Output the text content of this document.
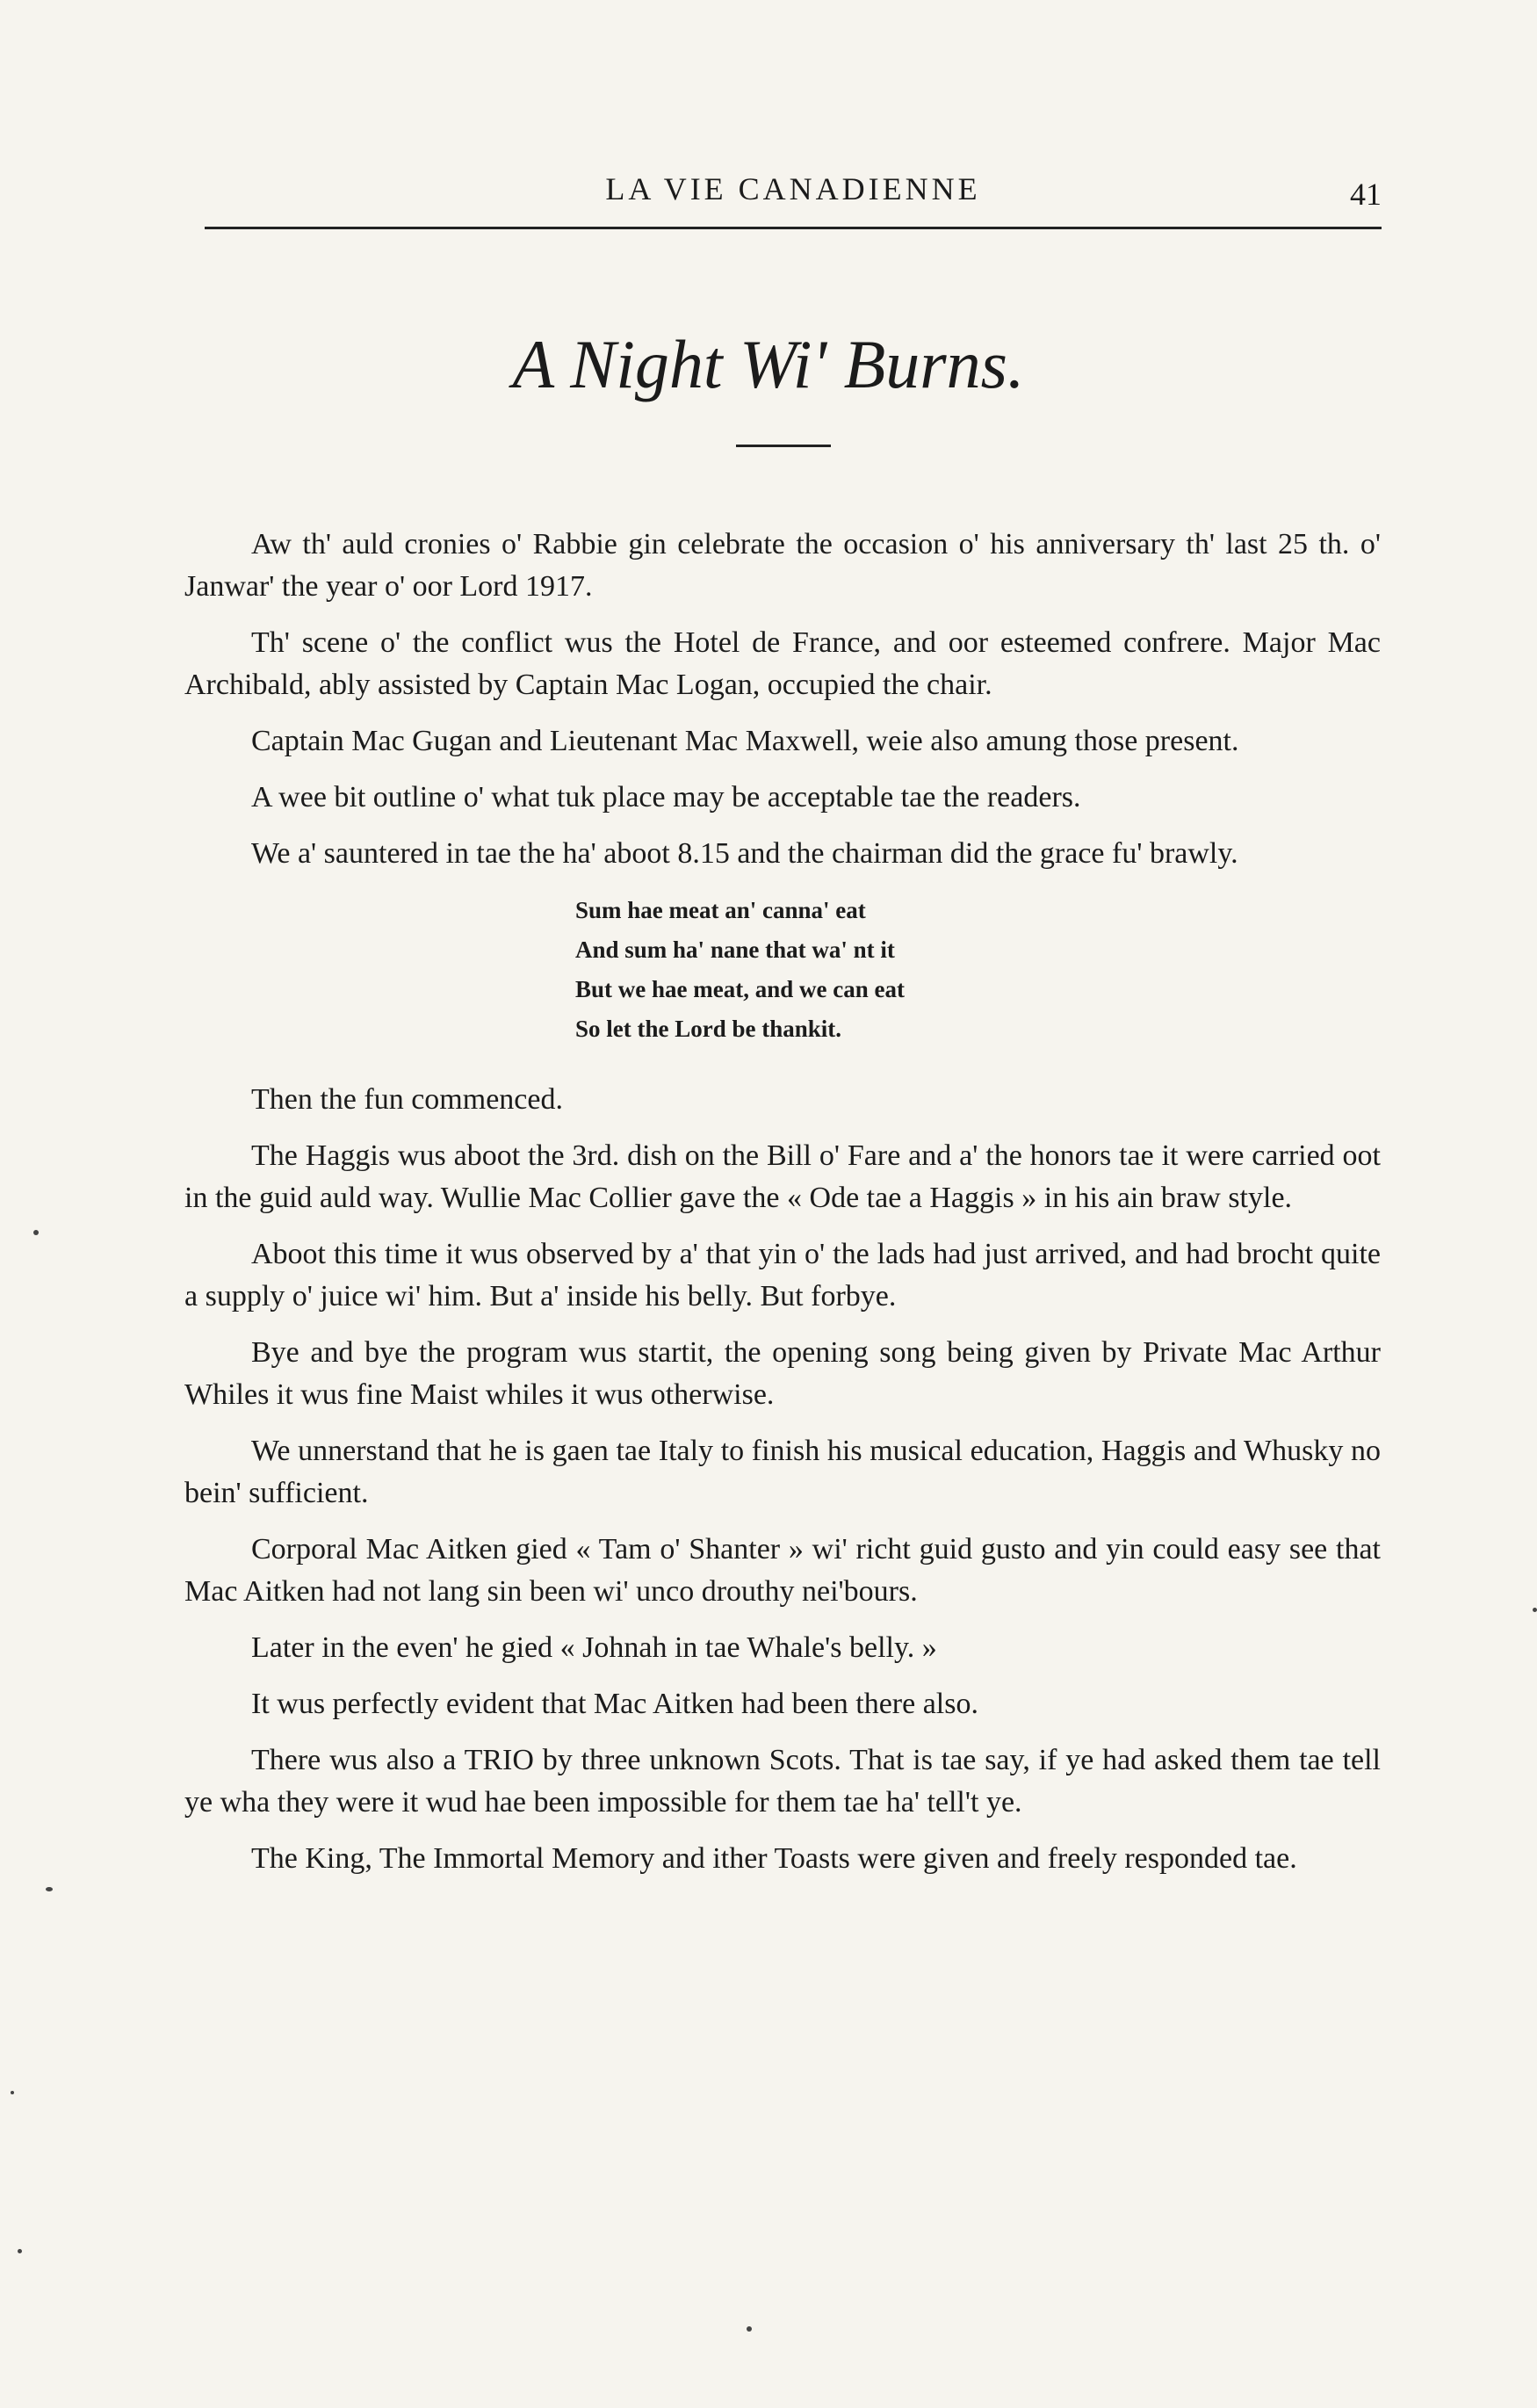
LA VIE CANADIENNE	41
A Night Wi' Burns.

Aw th' auld cronies o' Rabbie gin celebrate the occasion o' his anniversary th' last 25 th. o' Janwar' the year o' oor Lord 1917.

Th' scene o' the conflict wus the Hotel de France, and oor esteemed confrere. Major Mac Archibald, ably assisted by Captain Mac Logan, occupied the chair.

Captain Mac Gugan and Lieutenant Mac Maxwell, weie also amung those present.

A wee bit outline o' what tuk place may be acceptable tae the readers.

We a' sauntered in tae the ha' aboot 8.15 and the chairman did the grace fu' brawly.

Sum hae meat an' canna' eat
And sum ha' nane that wa' nt it
But we hae meat, and we can eat
So let the Lord be thankit.

Then the fun commenced.

The Haggis wus aboot the 3rd. dish on the Bill o' Fare and a' the honors tae it were carried oot in the guid auld way. Wullie Mac Collier gave the « Ode tae a Haggis » in his ain braw style.

Aboot this time it wus observed by a' that yin o' the lads had just arrived, and had brocht quite a supply o' juice wi' him. But a' inside his belly. But forbye.

Bye and bye the program wus startit, the opening song being given by Private Mac Arthur Whiles it wus fine Maist whiles it wus otherwise.

We unnerstand that he is gaen tae Italy to finish his musical education, Haggis and Whusky no bein' sufficient.

Corporal Mac Aitken gied « Tam o' Shanter » wi' richt guid gusto and yin could easy see that Mac Aitken had not lang sin been wi' unco drouthy nei'bours.

Later in the even' he gied « Johnah in tae Whale's belly. »

It wus perfectly evident that Mac Aitken had been there also.

There wus also a TRIO by three unknown Scots. That is tae say, if ye had asked them tae tell ye wha they were it wud hae been impossible for them tae ha' tell't ye.

The King, The Immortal Memory and ither Toasts were given and freely responded tae.
